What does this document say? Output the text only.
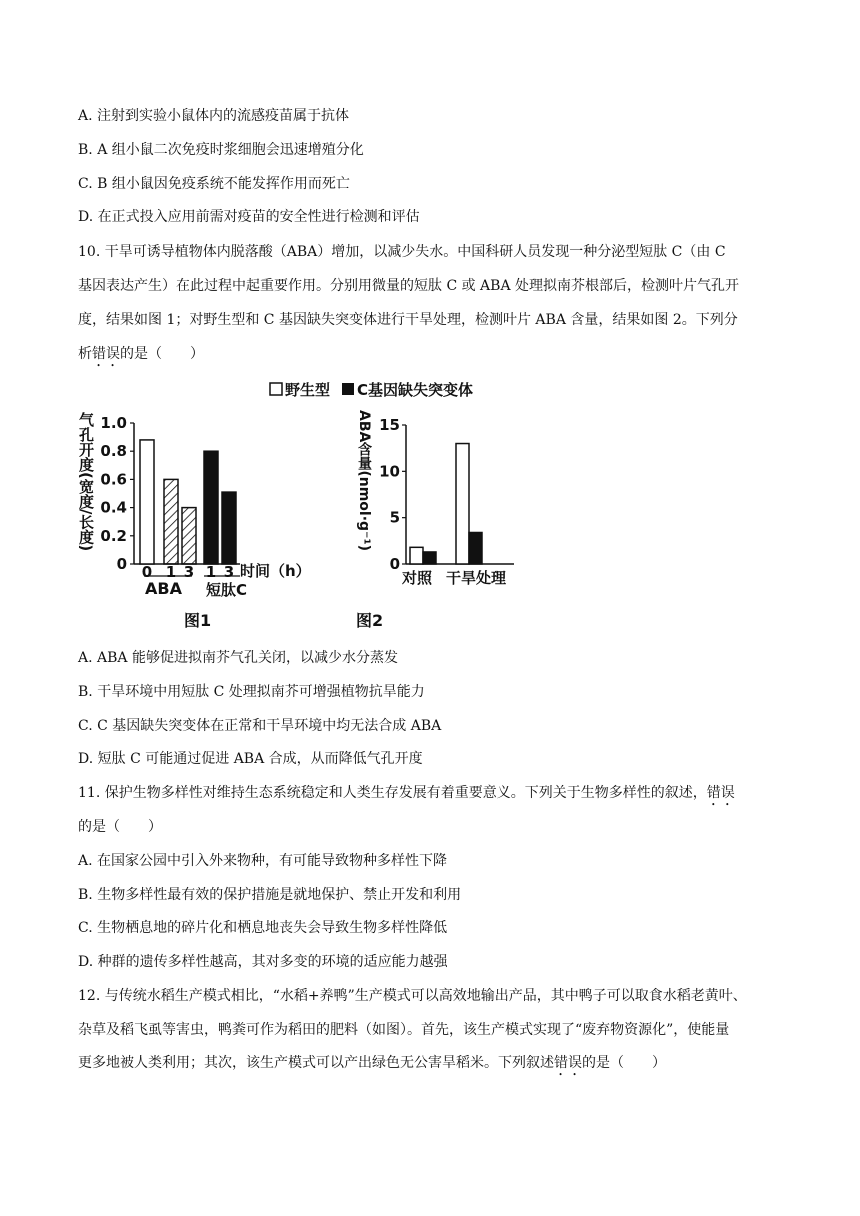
A. 注射到实验小鼠体内的流感疫苗属于抗体
B. A 组小鼠二次免疫时浆细胞会迅速增殖分化
C. B 组小鼠因免疫系统不能发挥作用而死亡
D. 在正式投入应用前需对疫苗的安全性进行检测和评估
10. 干旱可诱导植物体内脱落酸（ABA）增加，以减少失水。中国科研人员发现一种分泌型短肽 C（由 C
基因表达产生）在此过程中起重要作用。分别用微量的短肽 C 或 ABA 处理拟南芥根部后，检测叶片气孔开
度，结果如图 1；对野生型和 C 基因缺失突变体进行干旱处理，检测叶片 ABA 含量，结果如图 2。下列分
析错误的是（　　）
野生型 C基因缺失突变体
气孔开度(宽度/长度)
0
0.2
0.4
0.6
0.8
1.0
0 1 3 1 3
ABA 短肽C
时间（h）
图1
ABA含量(nmol·g⁻¹)
0
5
10
15
对照 干旱处理
图2
A. ABA 能够促进拟南芥气孔关闭，以减少水分蒸发
B. 干旱环境中用短肽 C 处理拟南芥可增强植物抗旱能力
C. C 基因缺失突变体在正常和干旱环境中均无法合成 ABA
D. 短肽 C 可能通过促进 ABA 合成，从而降低气孔开度
11. 保护生物多样性对维持生态系统稳定和人类生存发展有着重要意义。下列关于生物多样性的叙述，错误
的是（　　）
A. 在国家公园中引入外来物种，有可能导致物种多样性下降
B. 生物多样性最有效的保护措施是就地保护、禁止开发和利用
C. 生物栖息地的碎片化和栖息地丧失会导致生物多样性降低
D. 种群的遗传多样性越高，其对多变的环境的适应能力越强
12. 与传统水稻生产模式相比，“水稻+养鸭”生产模式可以高效地输出产品，其中鸭子可以取食水稻老黄叶、
杂草及稻飞虱等害虫，鸭粪可作为稻田的肥料（如图）。首先，该生产模式实现了“废弃物资源化”，使能量
更多地被人类利用；其次，该生产模式可以产出绿色无公害旱稻米。下列叙述错误的是（　　）
